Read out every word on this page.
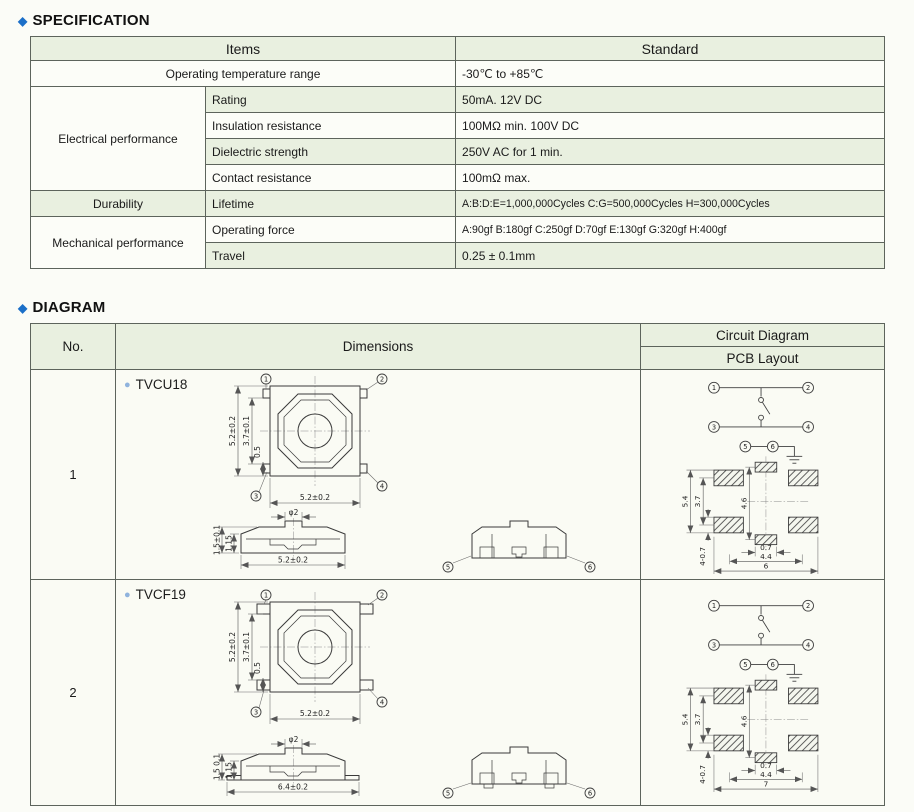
◆ SPECIFICATION
Items		Standard
Operating temperature range		-30℃ to +85℃
Electrical performance	Rating	50mA. 12V DC
	Insulation resistance	100MΩ min. 100V DC
	Dielectric strength	250V AC for 1 min.
	Contact resistance	100mΩ max.
Durability	Lifetime	A:B:D:E=1,000,000Cycles C:G=500,000Cycles H=300,000Cycles
Mechanical performance	Operating force	A:90gf B:180gf C:250gf D:70gf E:130gf G:320gf H:400gf
	Travel	0.25 ± 0.1mm
◆ DIAGRAM
No.	Dimensions	Circuit Diagram
		PCB Layout
1	
● TVCU18
5.2±0.2
5.2±0.2 3.7±0.1
0.5
1	2
3
4
φ2
1.5±0.1 1.15
5.2±0.2
5	6

1	2
3	4
5	6
5.4 3.7	4.6
4-0.7	0.7
4.4
6

2	
● TVCF19
5.2±0.2
5.2±0.2 3.7±0.1
0.5
1	2
3
4
φ2
1.5 0.1 1.15
6.4±0.2
5	6

1	2
3	4
5	6
5.4 3.7	4.6
4-0.7	0.7
4.4
7
